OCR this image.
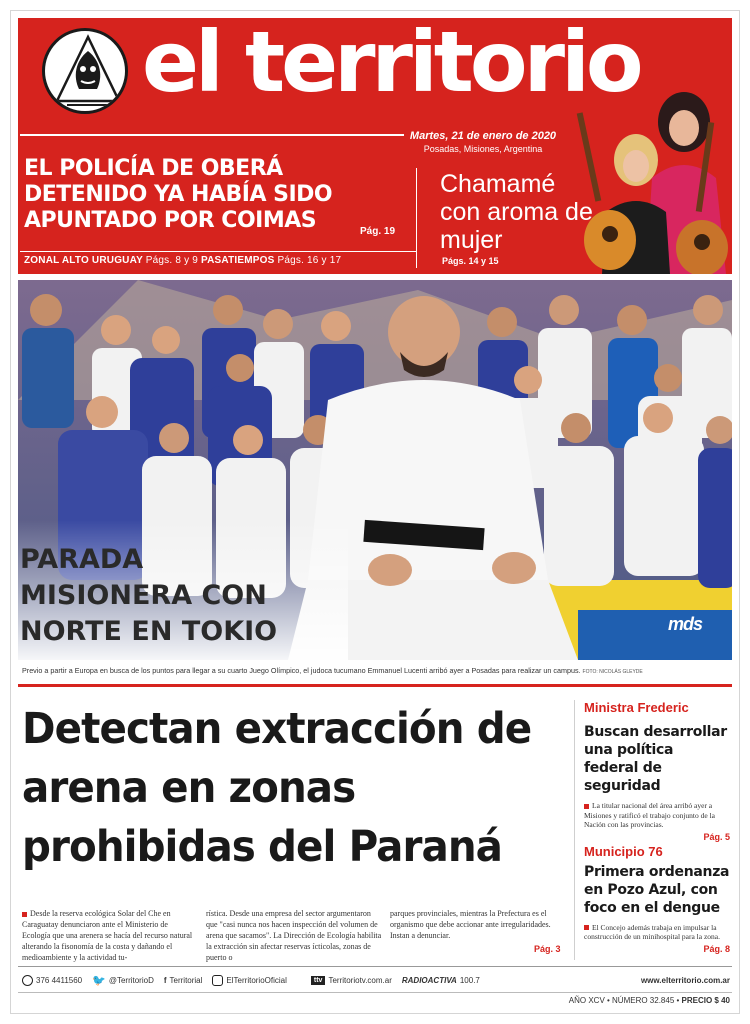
el territorio
Martes, 21 de enero de 2020
Posadas, Misiones, Argentina
EL POLICÍA DE OBERÁ DETENIDO YA HABÍA SIDO APUNTADO POR COIMAS	Pág. 19
ZONAL ALTO URUGUAY Págs. 8 y 9 PASATIEMPOS Págs. 16 y 17
Chamamé con aroma de mujer
Págs. 14 y 15
PARADA MISIONERA CON NORTE EN TOKIO	mds
Previo a partir a Europa en busca de los puntos para llegar a su cuarto Juego Olímpico, el judoca tucumano Emmanuel Lucenti arribó ayer a Posadas para realizar un campus. FOTO: NICOLÁS GLEYDE
Detectan extracción de arena en zonas prohibidas del Paraná
Desde la reserva ecológica Solar del Che en Caraguatay denunciaron ante el Ministerio de Ecología que una arenera se hacía del recurso natural alterando la fisonomía de la costa y dañando el medioambiente y la actividad tu-
rística. Desde una empresa del sector argumentaron que "casi nunca nos hacen inspección del volumen de arena que sacamos". La Dirección de Ecología habilita la extracción sin afectar reservas ícticolas, zonas de puerto o
parques provinciales, mientras la Prefectura es el organismo que debe accionar ante irregularidades. Instan a denunciar.
Pág. 3
Ministra Frederic
Buscan desarrollar una política federal de seguridad
La titular nacional del área arribó ayer a Misiones y ratificó el trabajo conjunto de la Nación con las provincias.
Pág. 5
Municipio 76
Primera ordenanza en Pozo Azul, con foco en el dengue
El Concejo además trabaja en impulsar la construcción de un minihospital para la zona.
Pág. 8
376 4411560 🐦 @TerritorioD f Territorial	ElTerritorioOficial	ttv Territoriotv.com.ar RADIOACTIVA 100.7	www.elterritorio.com.ar
AÑO XCV • NÚMERO 32.845 • PRECIO $ 40
